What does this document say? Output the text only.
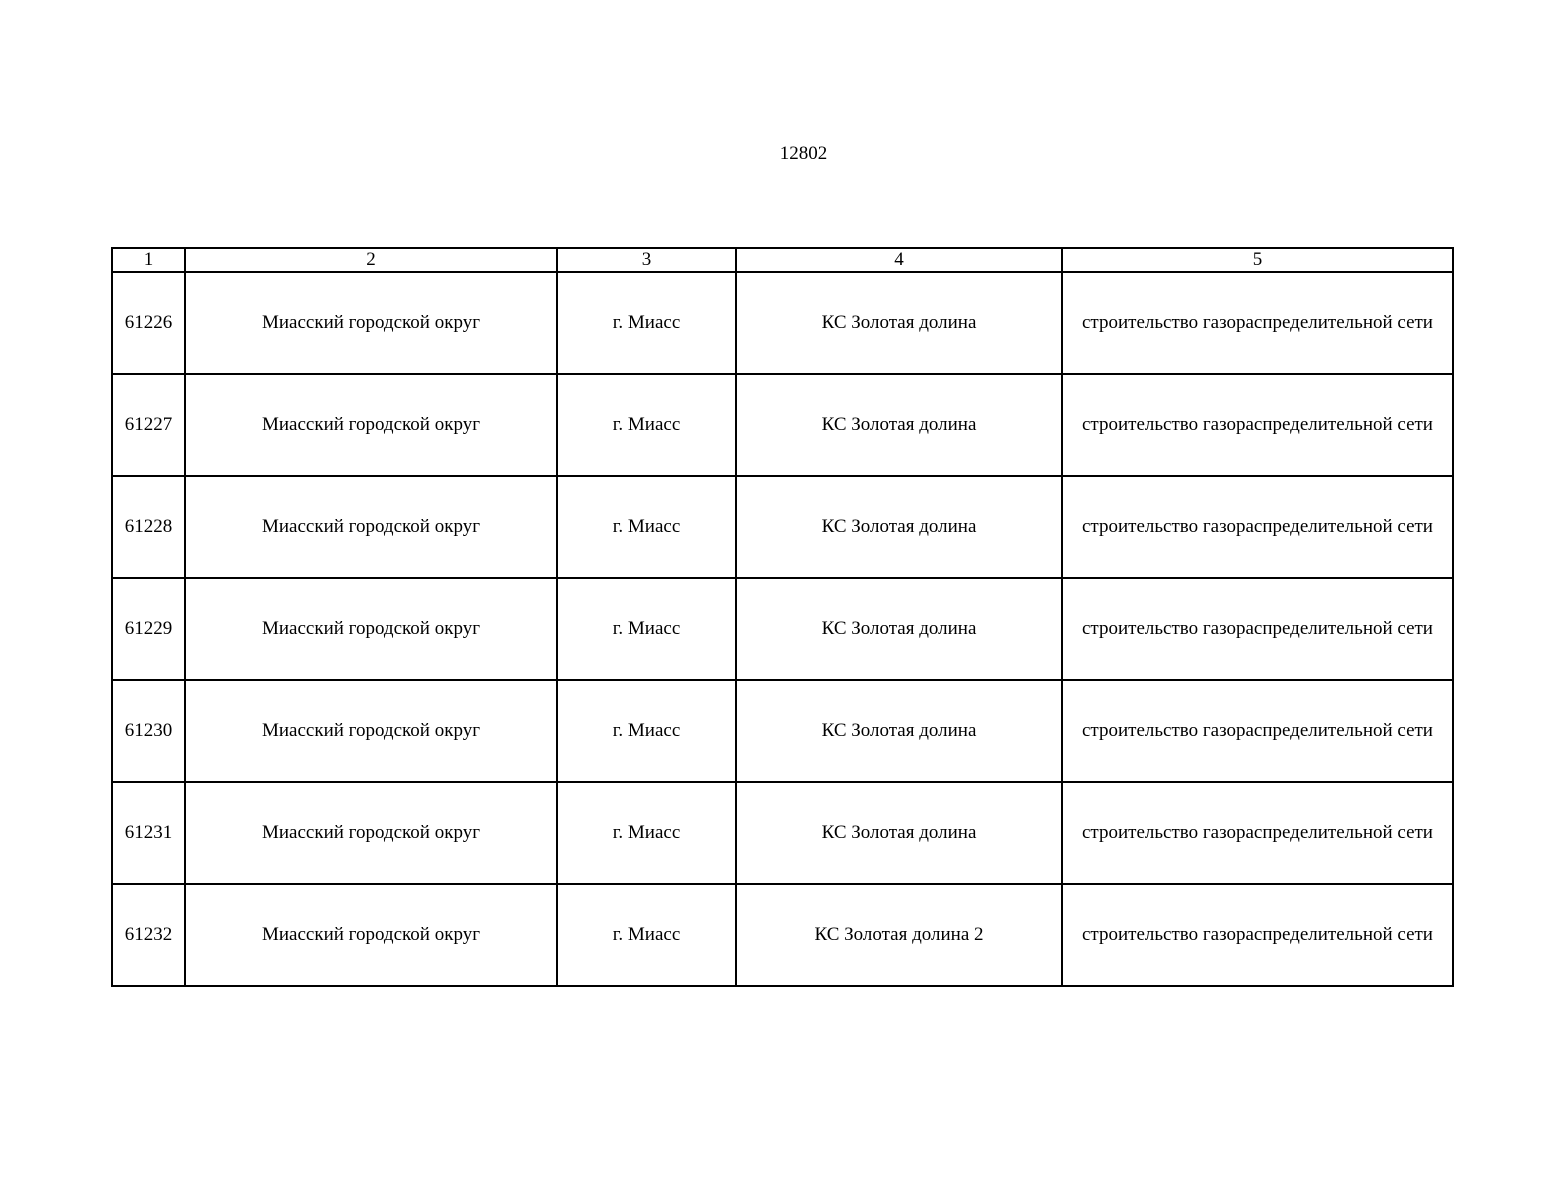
12802
1	2	3	4	5
61226	Миасский городской округ	г. Миасс	КС Золотая долина	строительство газораспределительной сети
61227	Миасский городской округ	г. Миасс	КС Золотая долина	строительство газораспределительной сети
61228	Миасский городской округ	г. Миасс	КС Золотая долина	строительство газораспределительной сети
61229	Миасский городской округ	г. Миасс	КС Золотая долина	строительство газораспределительной сети
61230	Миасский городской округ	г. Миасс	КС Золотая долина	строительство газораспределительной сети
61231	Миасский городской округ	г. Миасс	КС Золотая долина	строительство газораспределительной сети
61232	Миасский городской округ	г. Миасс	КС Золотая долина 2	строительство газораспределительной сети
